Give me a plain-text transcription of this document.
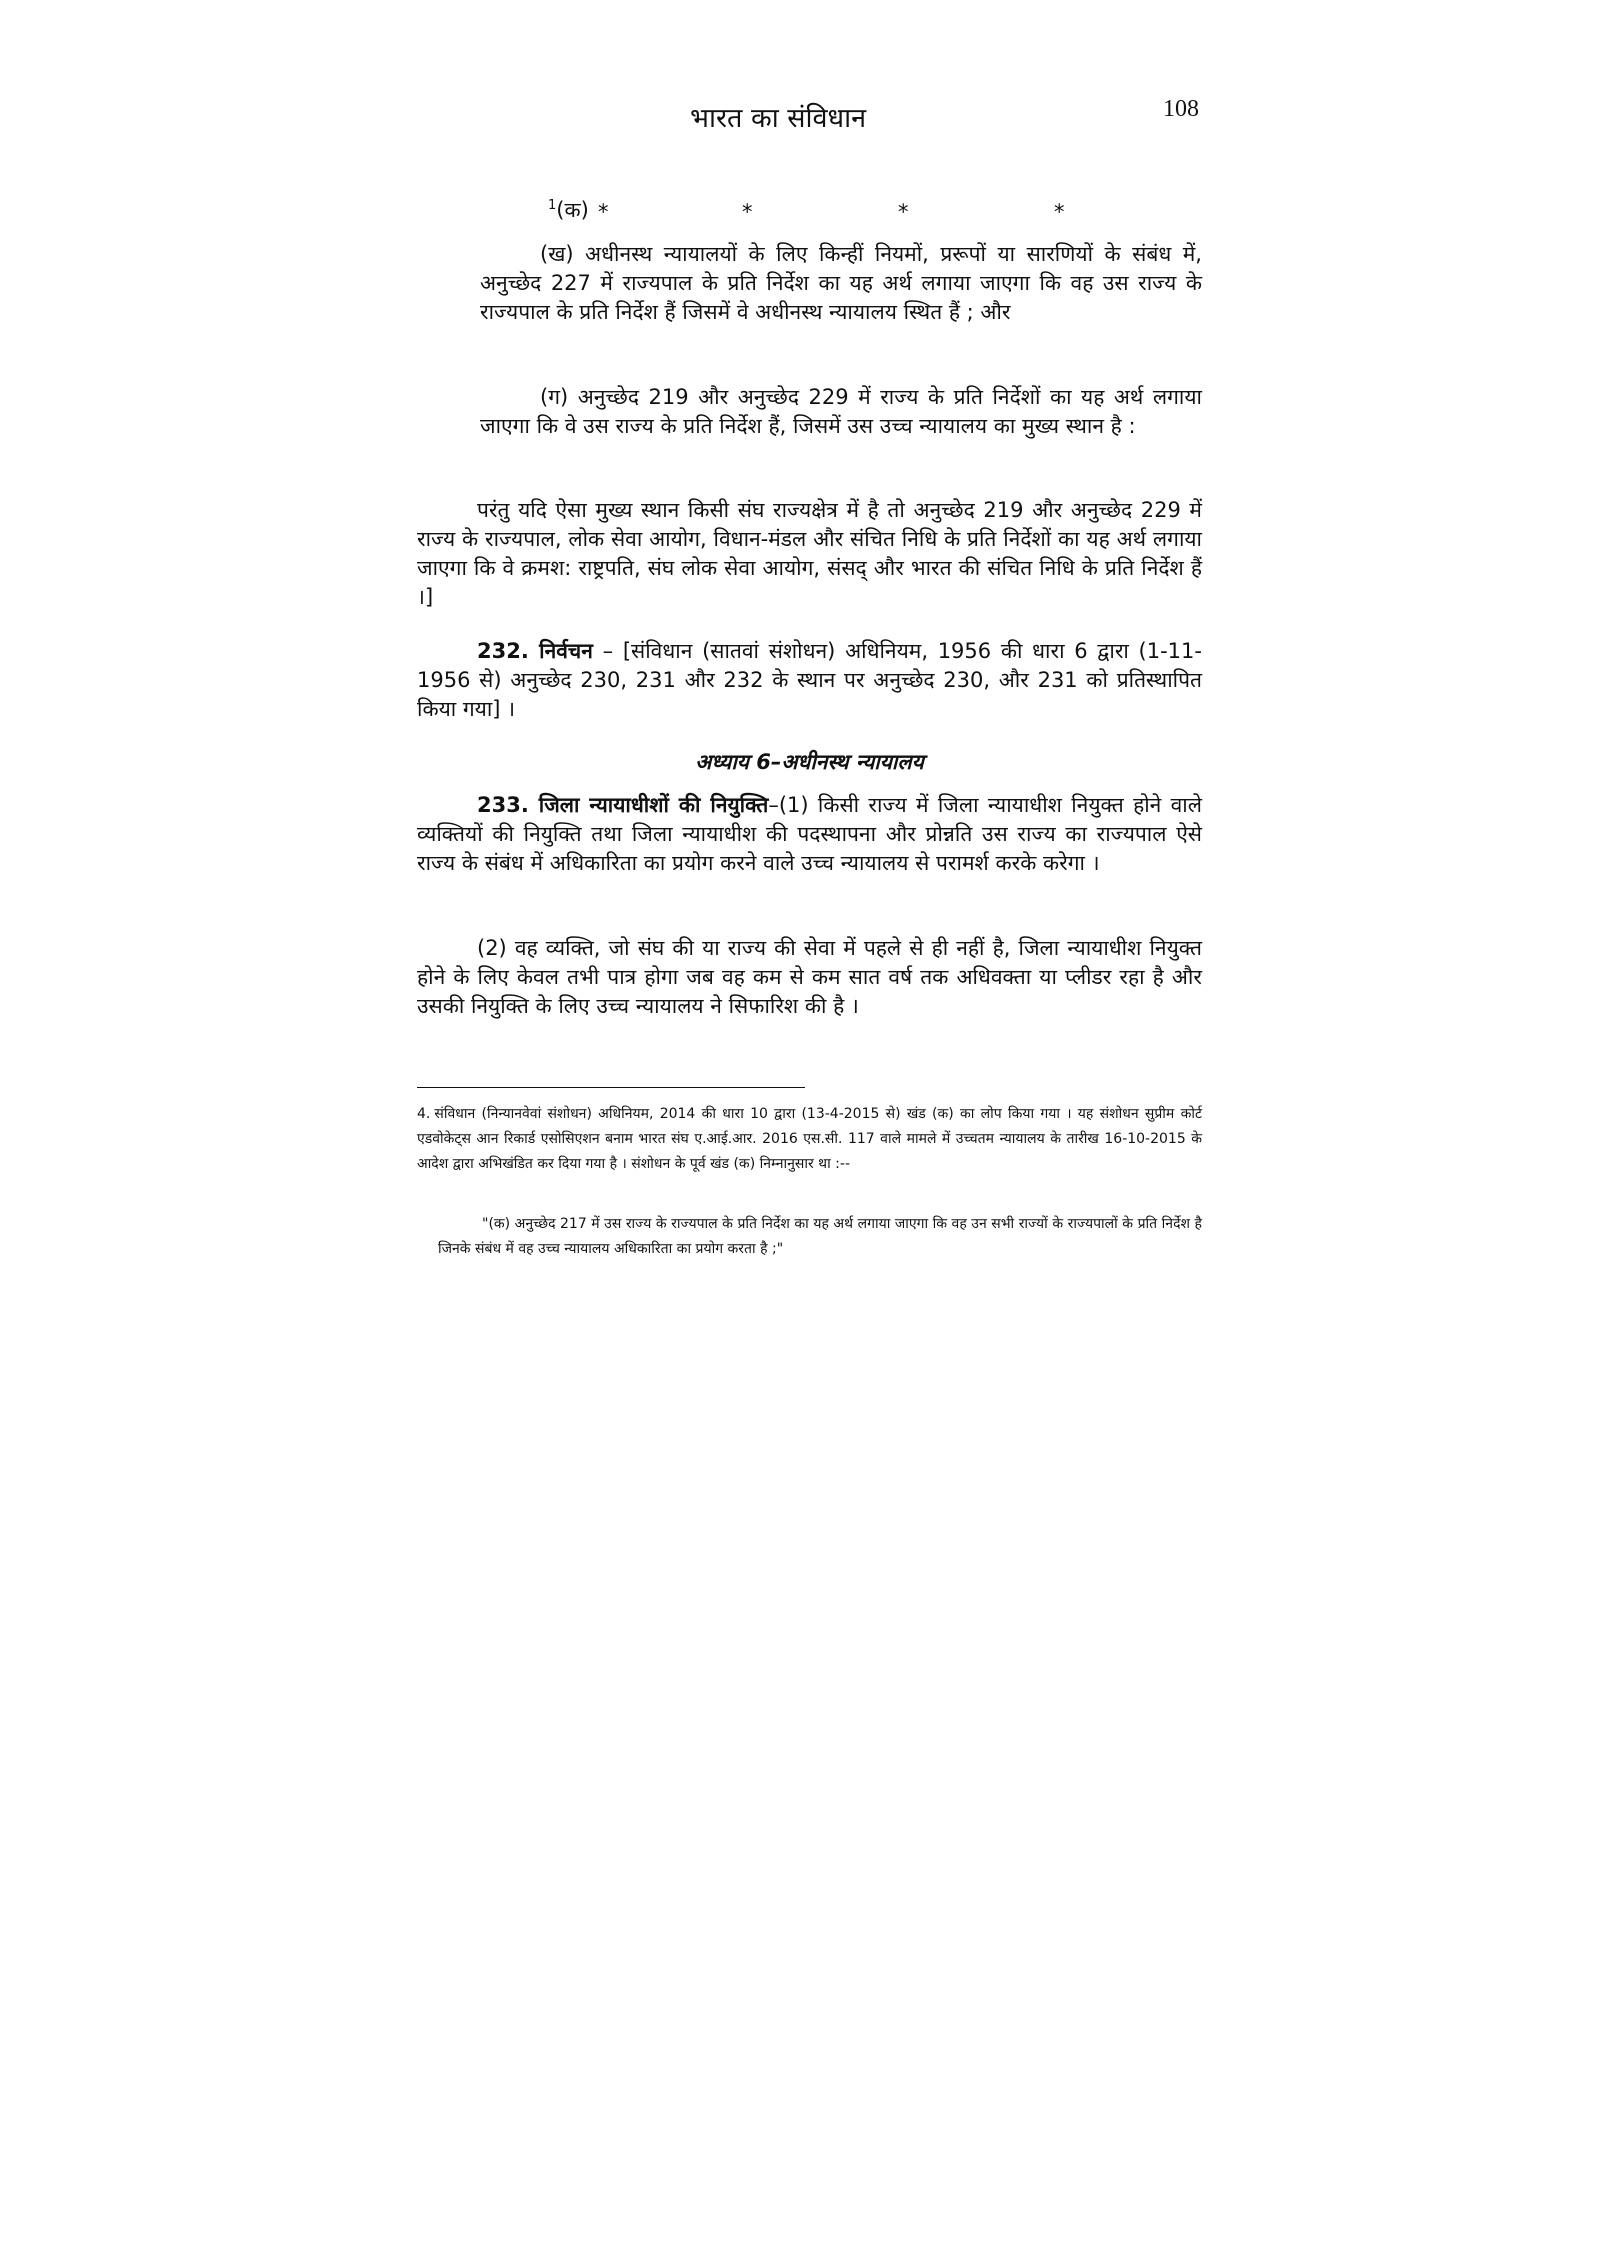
भारत का संविधान	108
$^1$(क) *	*	*	*

(ख) अधीनस्थ न्यायालयों के लिए किन्हीं नियमों, प्ररूपों या सारणियों के संबंध में, अनुच्छेद 227 में राज्यपाल के प्रति निर्देश का यह अर्थ लगाया जाएगा कि वह उस राज्य के राज्यपाल के प्रति निर्देश हैं जिसमें वे अधीनस्थ न्यायालय स्थित हैं ; और

(ग) अनुच्छेद 219 और अनुच्छेद 229 में राज्य के प्रति निर्देशों का यह अर्थ लगाया जाएगा कि वे उस राज्य के प्रति निर्देश हैं, जिसमें उस उच्च न्यायालय का मुख्य स्थान है :

परंतु यदि ऐसा मुख्य स्थान किसी संघ राज्यक्षेत्र में है तो अनुच्छेद 219 और अनुच्छेद 229 में राज्य के राज्यपाल, लोक सेवा आयोग, विधान-मंडल और संचित निधि के प्रति निर्देशों का यह अर्थ लगाया जाएगा कि वे क्रमश: राष्ट्रपति, संघ लोक सेवा आयोग, संसद् और भारत की संचित निधि के प्रति निर्देश हैं ।]

232. निर्वचन – [संविधान (सातवां संशोधन) अधिनियम, 1956 की धारा 6 द्वारा (1-11-1956 से) अनुच्छेद 230, 231 और 232 के स्थान पर अनुच्छेद 230, और 231 को प्रतिस्थापित किया गया] ।

अध्याय 6–अधीनस्थ न्यायालय

233. जिला न्यायाधीशों की नियुक्ति–(1) किसी राज्य में जिला न्यायाधीश नियुक्त होने वाले व्यक्तियों की नियुक्ति तथा जिला न्यायाधीश की पदस्थापना और प्रोन्नति उस राज्य का राज्यपाल ऐसे राज्य के संबंध में अधिकारिता का प्रयोग करने वाले उच्च न्यायालय से परामर्श करके करेगा ।

(2) वह व्यक्ति, जो संघ की या राज्य की सेवा में पहले से ही नहीं है, जिला न्यायाधीश नियुक्त होने के लिए केवल तभी पात्र होगा जब वह कम से कम सात वर्ष तक अधिवक्ता या प्लीडर रहा है और उसकी नियुक्ति के लिए उच्च न्यायालय ने सिफारिश की है ।

4. संविधान (निन्यानवेवां संशोधन) अधिनियम, 2014 की धारा 10 द्वारा (13-4-2015 से) खंड (क) का लोप किया गया । यह संशोधन सुप्रीम कोर्ट एडवोकेट्स आन रिकार्ड एसोसिएशन बनाम भारत संघ ए.आई.आर. 2016 एस.सी. 117 वाले मामले में उच्चतम न्यायालय के तारीख 16-10-2015 के आदेश द्वारा अभिखंडित कर दिया गया है । संशोधन के पूर्व खंड (क) निम्नानुसार था :--

"(क) अनुच्छेद 217 में उस राज्य के राज्यपाल के प्रति निर्देश का यह अर्थ लगाया जाएगा कि वह उन सभी राज्यों के राज्यपालों के प्रति निर्देश है जिनके संबंध में वह उच्च न्यायालय अधिकारिता का प्रयोग करता है ;"
